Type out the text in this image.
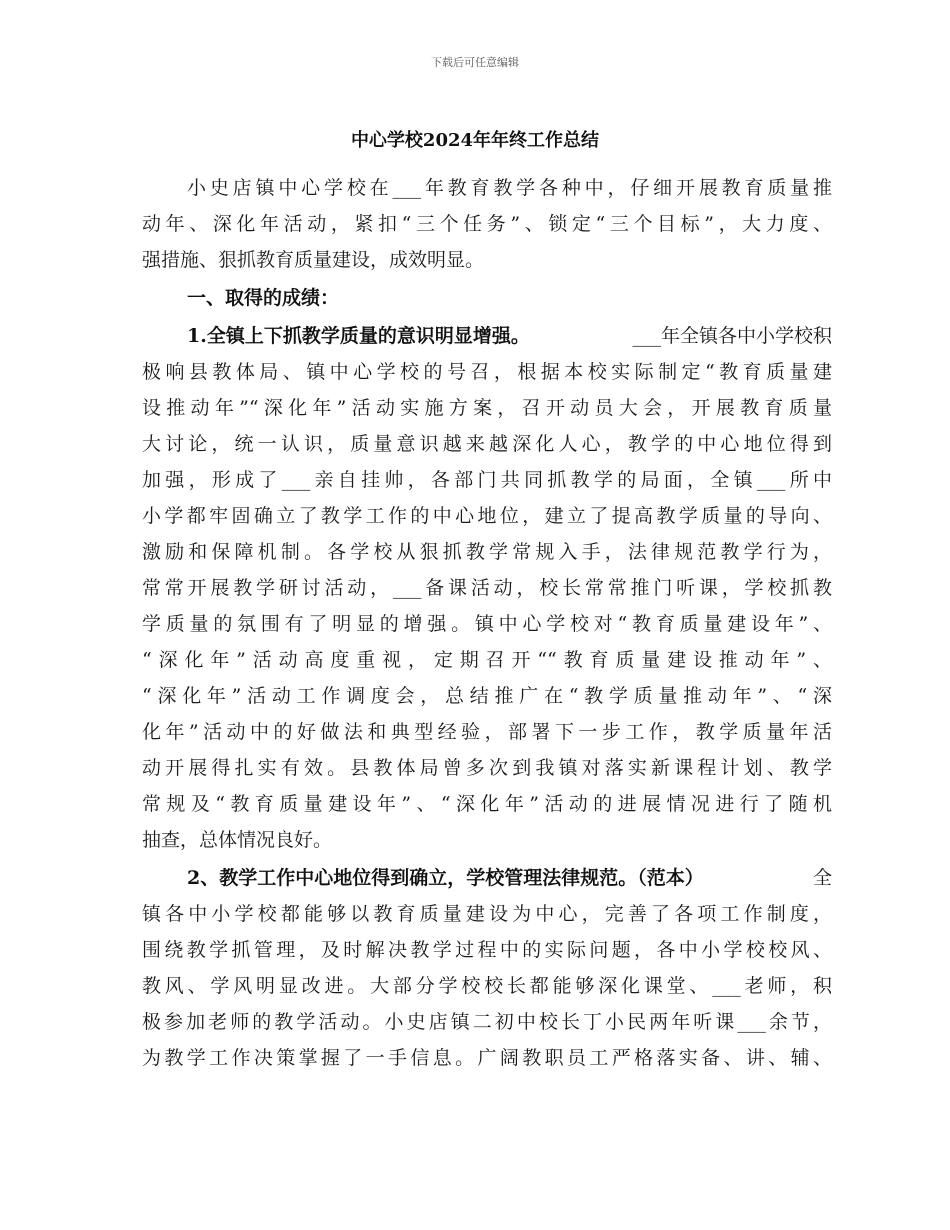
下载后可任意编辑
中心学校2024年年终工作总结
小史店镇中心学校在___年教育教学各种中，仔细开展教育质量推
动年、深化年活动，紧扣“三个任务”、锁定“三个目标”，大力度、
强措施、狠抓教育质量建设，成效明显。
一、取得的成绩：
1.全镇上下抓教学质量的意识明显增强。	___年全镇各中小学校积
极响县教体局、镇中心学校的号召，根据本校实际制定“教育质量建
设推动年”“深化年”活动实施方案，召开动员大会，开展教育质量
大讨论，统一认识，质量意识越来越深化人心，教学的中心地位得到
加强，形成了___亲自挂帅，各部门共同抓教学的局面，全镇___所中
小学都牢固确立了教学工作的中心地位，建立了提高教学质量的导向、
激励和保障机制。各学校从狠抓教学常规入手，法律规范教学行为，
常常开展教学研讨活动，___备课活动，校长常常推门听课，学校抓教
学质量的氛围有了明显的增强。镇中心学校对“教育质量建设年”、
“深化年”活动高度重视，定期召开““教育质量建设推动年”、
“深化年”活动工作调度会，总结推广在“教学质量推动年”、“深
化年”活动中的好做法和典型经验，部署下一步工作，教学质量年活
动开展得扎实有效。县教体局曾多次到我镇对落实新课程计划、教学
常规及“教育质量建设年”、“深化年”活动的进展情况进行了随机
抽查，总体情况良好。
2、教学工作中心地位得到确立，学校管理法律规范。（范本）	全
镇各中小学校都能够以教育质量建设为中心，完善了各项工作制度，
围绕教学抓管理，及时解决教学过程中的实际问题，各中小学校校风、
教风、学风明显改进。大部分学校校长都能够深化课堂、___老师，积
极参加老师的教学活动。小史店镇二初中校长丁小民两年听课___余节，
为教学工作决策掌握了一手信息。广阔教职员工严格落实备、讲、辅、
